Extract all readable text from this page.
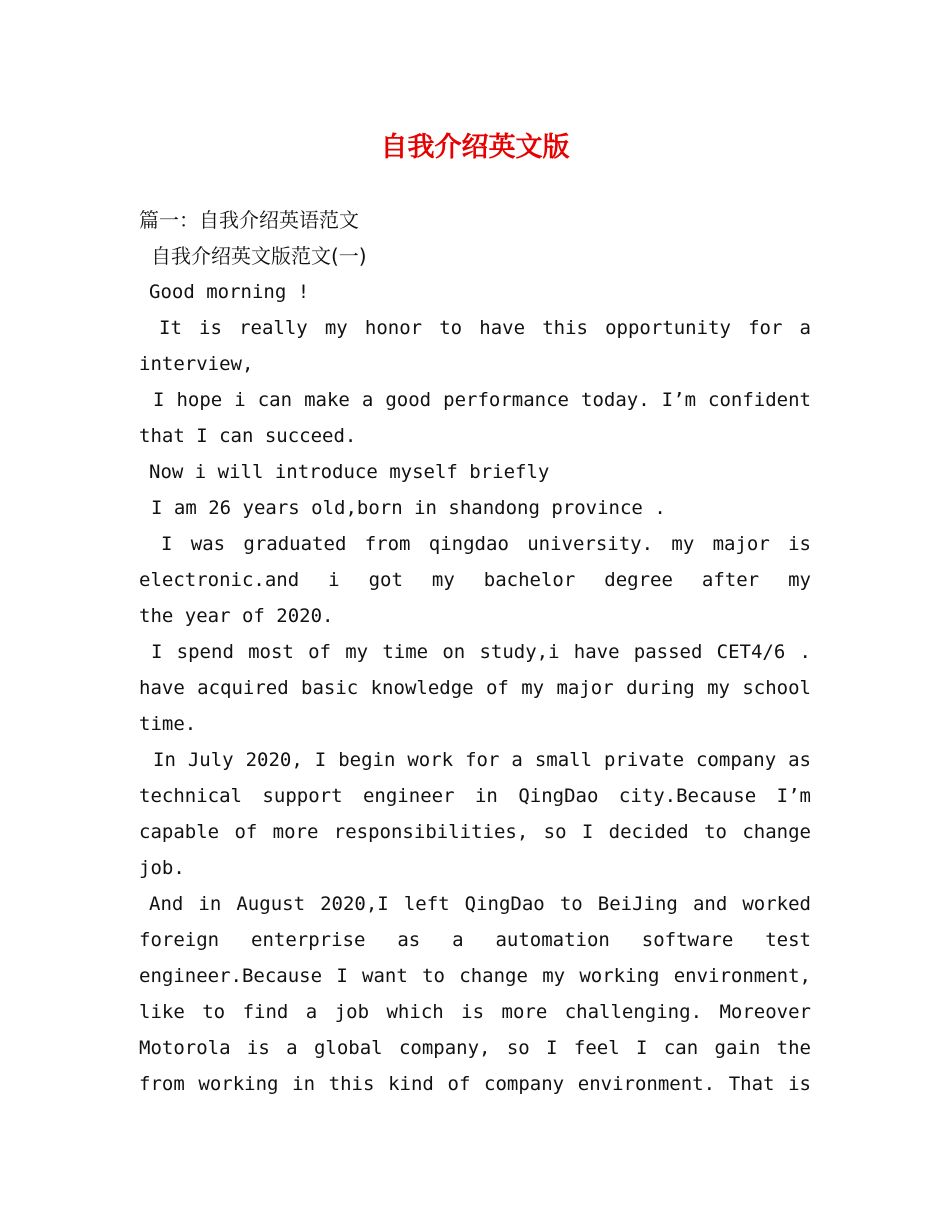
自我介绍英文版
篇一：自我介绍英语范文
自我介绍英文版范文(一)
Good morning !
It is really my honor to have this opportunity for a
interview,
I hope i can make a good performance today. I’m confident
that I can succeed.
Now i will introduce myself briefly
I am 26 years old,born in shandong province .
I was graduated from qingdao university. my major is
electronic.and i got my bachelor degree after my
the year of 2020.
I spend most of my time on study,i have passed CET4/6 .
have acquired basic knowledge of my major during my school
time.
In July 2020, I begin work for a small private company as
technical support engineer in QingDao city.Because I’m
capable of more responsibilities, so I decided to change
job.
And in August 2020,I left QingDao to BeiJing and worked
foreign enterprise as a automation software test
engineer.Because I want to change my working environment,
like to find a job which is more challenging. Moreover
Motorola is a global company, so I feel I can gain the
from working in this kind of company environment. That is
